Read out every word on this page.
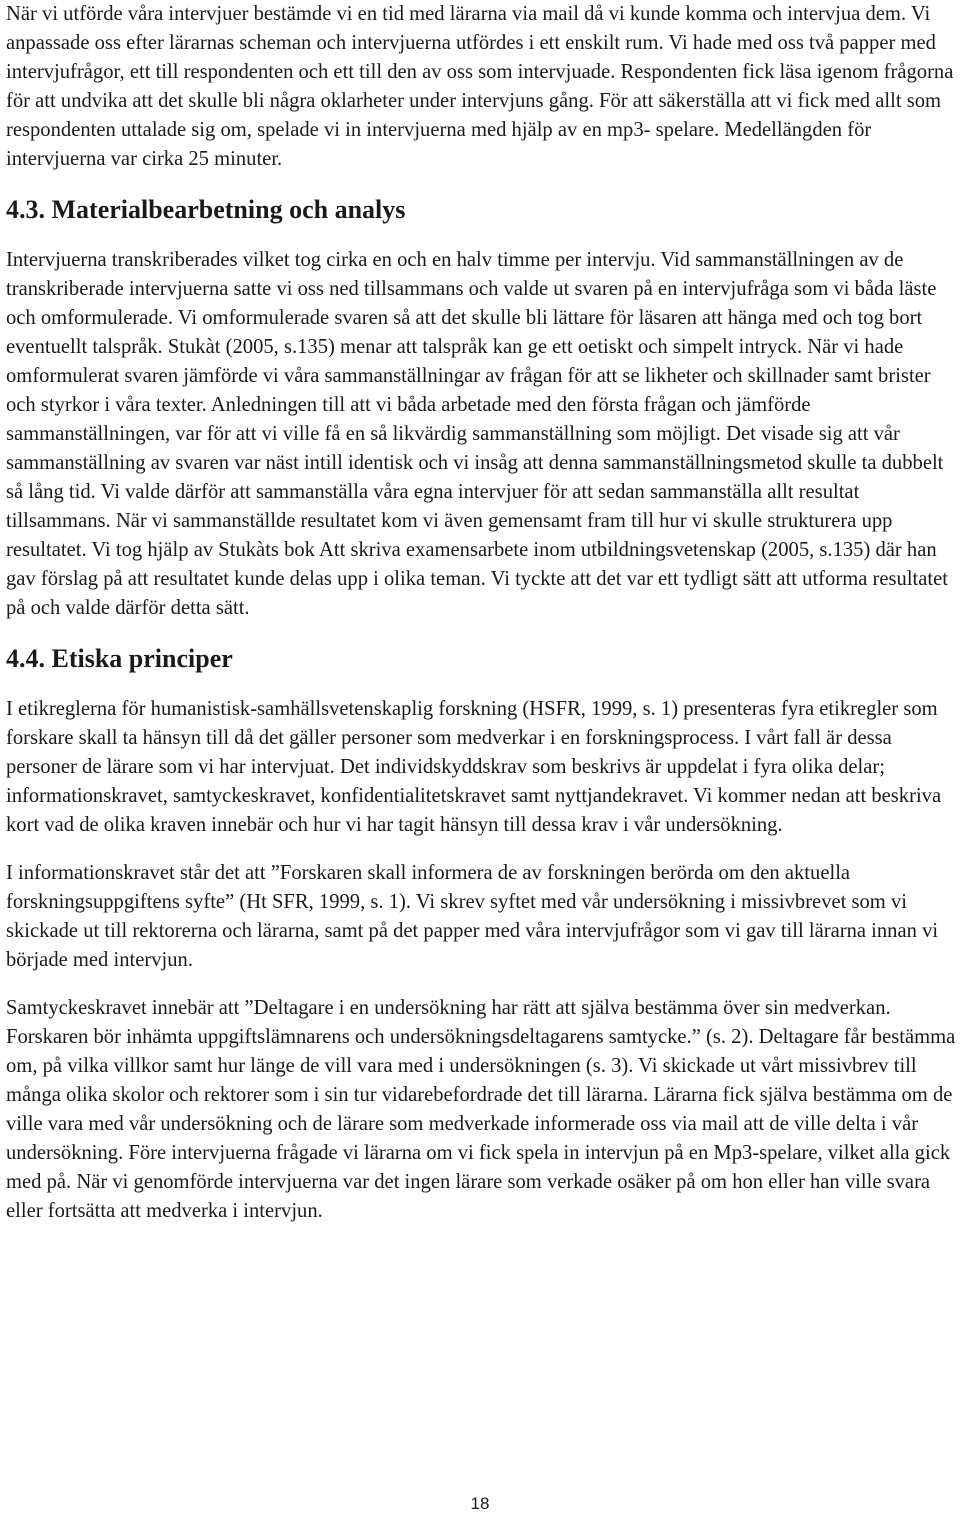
När vi utförde våra intervjuer bestämde vi en tid med lärarna via mail då vi kunde komma och intervjua dem. Vi anpassade oss efter lärarnas scheman och intervjuerna utfördes i ett enskilt rum. Vi hade med oss två papper med intervjufrågor, ett till respondenten och ett till den av oss som intervjuade. Respondenten fick läsa igenom frågorna för att undvika att det skulle bli några oklarheter under intervjuns gång. För att säkerställa att vi fick med allt som respondenten uttalade sig om, spelade vi in intervjuerna med hjälp av en mp3- spelare. Medellängden för intervjuerna var cirka 25 minuter.

4.3. Materialbearbetning och analys

Intervjuerna transkriberades vilket tog cirka en och en halv timme per intervju. Vid sammanställningen av de transkriberade intervjuerna satte vi oss ned tillsammans och valde ut svaren på en intervjufråga som vi båda läste och omformulerade. Vi omformulerade svaren så att det skulle bli lättare för läsaren att hänga med och tog bort eventuellt talspråk. Stukàt (2005, s.135) menar att talspråk kan ge ett oetiskt och simpelt intryck. När vi hade omformulerat svaren jämförde vi våra sammanställningar av frågan för att se likheter och skillnader samt brister och styrkor i våra texter. Anledningen till att vi båda arbetade med den första frågan och jämförde sammanställningen, var för att vi ville få en så likvärdig sammanställning som möjligt. Det visade sig att vår sammanställning av svaren var näst intill identisk och vi insåg att denna sammanställningsmetod skulle ta dubbelt så lång tid. Vi valde därför att sammanställa våra egna intervjuer för att sedan sammanställa allt resultat tillsammans. När vi sammanställde resultatet kom vi även gemensamt fram till hur vi skulle strukturera upp resultatet. Vi tog hjälp av Stukàts bok Att skriva examensarbete inom utbildningsvetenskap (2005, s.135) där han gav förslag på att resultatet kunde delas upp i olika teman. Vi tyckte att det var ett tydligt sätt att utforma resultatet på och valde därför detta sätt.

4.4. Etiska principer

I etikreglerna för humanistisk-samhällsvetenskaplig forskning (HSFR, 1999, s. 1) presenteras fyra etikregler som forskare skall ta hänsyn till då det gäller personer som medverkar i en forskningsprocess. I vårt fall är dessa personer de lärare som vi har intervjuat. Det individskyddskrav som beskrivs är uppdelat i fyra olika delar; informationskravet, samtyckeskravet, konfidentialitetskravet samt nyttjandekravet. Vi kommer nedan att beskriva kort vad de olika kraven innebär och hur vi har tagit hänsyn till dessa krav i vår undersökning.

I informationskravet står det att ”Forskaren skall informera de av forskningen berörda om den aktuella forskningsuppgiftens syfte” (Ht SFR, 1999, s. 1). Vi skrev syftet med vår undersökning i missivbrevet som vi skickade ut till rektorerna och lärarna, samt på det papper med våra intervjufrågor som vi gav till lärarna innan vi började med intervjun.

Samtyckeskravet innebär att ”Deltagare i en undersökning har rätt att själva bestämma över sin medverkan. Forskaren bör inhämta uppgiftslämnarens och undersökningsdeltagarens samtycke.” (s. 2). Deltagare får bestämma om, på vilka villkor samt hur länge de vill vara med i undersökningen (s. 3). Vi skickade ut vårt missivbrev till många olika skolor och rektorer som i sin tur vidarebefordrade det till lärarna. Lärarna fick själva bestämma om de ville vara med vår undersökning och de lärare som medverkade informerade oss via mail att de ville delta i vår undersökning. Före intervjuerna frågade vi lärarna om vi fick spela in intervjun på en Mp3-spelare, vilket alla gick med på. När vi genomförde intervjuerna var det ingen lärare som verkade osäker på om hon eller han ville svara eller fortsätta att medverka i intervjun.

18
